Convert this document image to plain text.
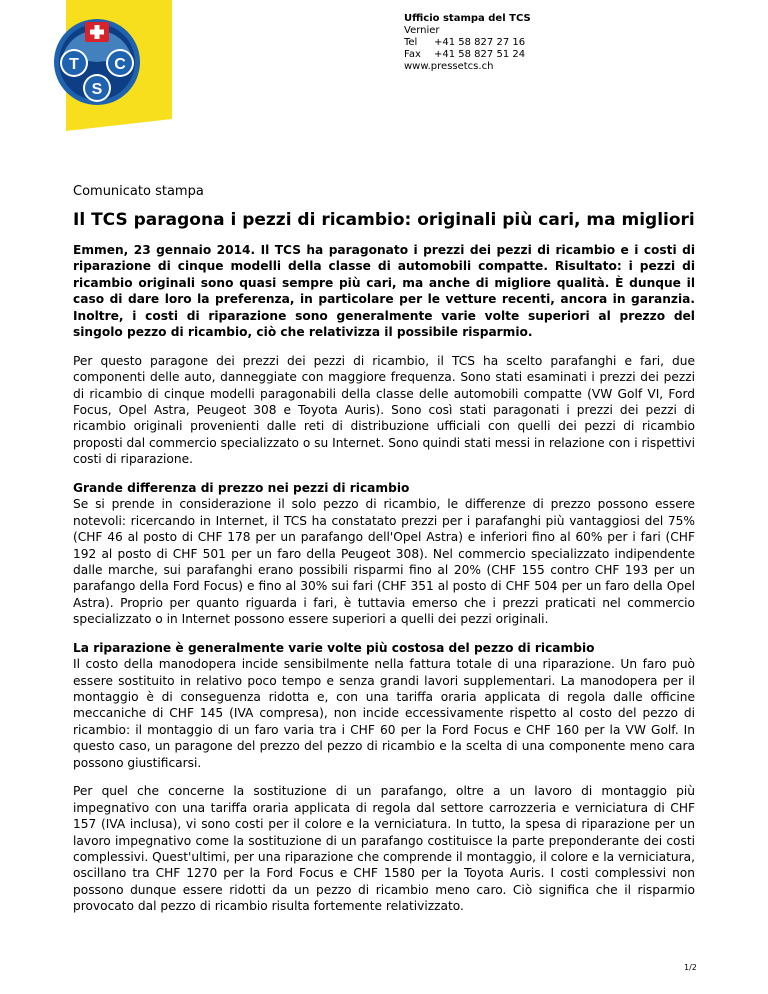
T C
S
Ufficio stampa del TCS
Vernier
Tel	+41 58 827 27 16
Fax	+41 58 827 51 24
www.pressetcs.ch
Comunicato stampa
Il TCS paragona i pezzi di ricambio: originali più cari, ma migliori

Emmen, 23 gennaio 2014. Il TCS ha paragonato i prezzi dei pezzi di ricambio e i costi di riparazione di cinque modelli della classe di automobili compatte. Risultato: i pezzi di ricambio originali sono quasi sempre più cari, ma anche di migliore qualità. È dunque il caso di dare loro la preferenza, in particolare per le vetture recenti, ancora in garanzia. Inoltre, i costi di riparazione sono generalmente varie volte superiori al prezzo del singolo pezzo di ricambio, ciò che relativizza il possibile risparmio.

Per questo paragone dei prezzi dei pezzi di ricambio, il TCS ha scelto parafanghi e fari, due componenti delle auto, danneggiate con maggiore frequenza. Sono stati esaminati i prezzi dei pezzi di ricambio di cinque modelli paragonabili della classe delle automobili compatte (VW Golf VI, Ford Focus, Opel Astra, Peugeot 308 e Toyota Auris). Sono così stati paragonati i prezzi dei pezzi di ricambio originali provenienti dalle reti di distribuzione ufficiali con quelli dei pezzi di ricambio proposti dal commercio specializzato o su Internet. Sono quindi stati messi in relazione con i rispettivi costi di riparazione.

Grande differenza di prezzo nei pezzi di ricambio

Se si prende in considerazione il solo pezzo di ricambio, le differenze di prezzo possono essere notevoli: ricercando in Internet, il TCS ha constatato prezzi per i parafanghi più vantaggiosi del 75% (CHF 46 al posto di CHF 178 per un parafango dell'Opel Astra) e inferiori fino al 60% per i fari (CHF 192 al posto di CHF 501 per un faro della Peugeot 308). Nel commercio specializzato indipendente dalle marche, sui parafanghi erano possibili risparmi fino al 20% (CHF 155 contro CHF 193 per un parafango della Ford Focus) e fino al 30% sui fari (CHF 351 al posto di CHF 504 per un faro della Opel Astra). Proprio per quanto riguarda i fari, è tuttavia emerso che i prezzi praticati nel commercio specializzato o in Internet possono essere superiori a quelli dei pezzi originali.

La riparazione è generalmente varie volte più costosa del pezzo di ricambio

Il costo della manodopera incide sensibilmente nella fattura totale di una riparazione. Un faro può essere sostituito in relativo poco tempo e senza grandi lavori supplementari. La manodopera per il montaggio è di conseguenza ridotta e, con una tariffa oraria applicata di regola dalle officine meccaniche di CHF 145 (IVA compresa), non incide eccessivamente rispetto al costo del pezzo di ricambio: il montaggio di un faro varia tra i CHF 60 per la Ford Focus e CHF 160 per la VW Golf. In questo caso, un paragone del prezzo del pezzo di ricambio e la scelta di una componente meno cara possono giustificarsi.

Per quel che concerne la sostituzione di un parafango, oltre a un lavoro di montaggio più impegnativo con una tariffa oraria applicata di regola dal settore carrozzeria e verniciatura di CHF 157 (IVA inclusa), vi sono costi per il colore e la verniciatura. In tutto, la spesa di riparazione per un lavoro impegnativo come la sostituzione di un parafango costituisce la parte preponderante dei costi complessivi. Quest'ultimi, per una riparazione che comprende il montaggio, il colore e la verniciatura, oscillano tra CHF 1270 per la Ford Focus e CHF 1580 per la Toyota Auris. I costi complessivi non possono dunque essere ridotti da un pezzo di ricambio meno caro. Ciò significa che il risparmio provocato dal pezzo di ricambio risulta fortemente relativizzato.

1/2
